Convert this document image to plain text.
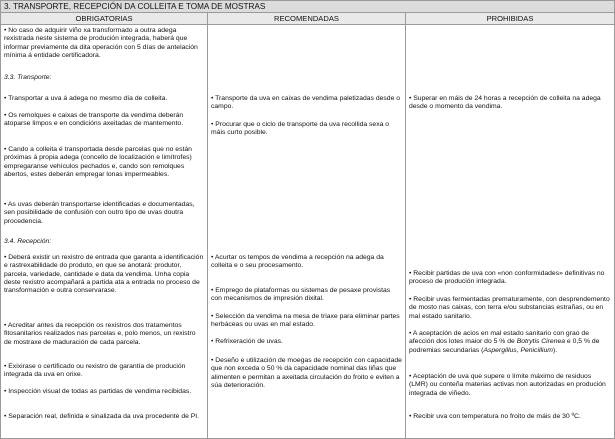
3. TRANSPORTE, RECEPCIÓN DA COLLEITA E TOMA DE MOSTRAS
OBRIGATORIAS	RECOMENDADAS	PROHIBIDAS

• No caso de adquirir viño xa transformado a outra adega rexistrada neste sistema de produción integrada, haberá que informar previamente da dita operación con 5 días de antelación mínima á entidade certificadora.

3.3. Transporte:

• Transportar a uva á adega no mesmo día de colleita.

• Os remolques e caixas de transporte da vendima deberán atoparse limpos e en condicións axeitadas de mantemento.

• Cando a colleita é transportada desde parcelas que no están próximas á propia adega (concello de localización e limítrofes) empregaranse vehículos pechados e, cando son remolques abertos, estes deberán empregar lonas impermeables.

• As uvas deberán transportarse identificadas e documentadas, sen posibilidade de confusión con outro tipo de uvas doutra procedencia.

3.4. Recepción:

• Deberá existir un rexistro de entrada que garanta a identificación e rastrexabilidade do produto, en que se anotará: produtor, parcela, variedade, cantidade e data da vendima. Unha copia deste rexistro acompañará a partida ata a entrada no proceso de transformación e outra conservarase.

• Acreditar antes da recepción os rexistros dos tratamentos fitosanitarios realizados nas parcelas e, polo menos, un rexistro de mostraxe de maduración de cada parcela.

• Exixirase o certificado ou rexistro de garantía de produción integrada da uva en orixe.

• Inspección visual de todas as partidas de vendima recibidas.

• Separación real, definida e sinalizada da uva procedente de PI.

• Transporte da uva en caixas de vendima paletizadas desde o campo.

• Procurar que o ciclo de transporte da uva recollida sexa o máis curto posible.

• Acurtar os tempos de vendima a recepción na adega da colleita e o seu procesamento.

• Emprego de plataformas ou sistemas de pesaxe provistas con mecanismos de impresión dixital.

• Selección da vendima na mesa de triaxe para eliminar partes herbáceas ou uvas en mal estado.

• Refrixeración de uvas.

• Deseño e utilización de moegas de recepción con capacidade que non exceda o 50 % da capacidade nominal das liñas que alimenten e permitan a axeitada circulación do froito e eviten a súa deterioración.

• Superar en máis de 24 horas a recepción de colleita na adega desde o momento da vendima.

• Recibir partidas de uva con «non conformidades» definitivas no proceso de produción integrada.

• Recibir uvas fermentadas prematuramente, con desprendemento de mosto nas caixas, con terra e/ou substancias estrañas, ou en mal estado sanitario.

• A aceptación de acios en mal estado sanitario con grao de afección dos lotes maior do 5 % de Botrytis Cirenea e 0,5 % de podremias secundarias (Aspergillus, Penicillium).

• Aceptación de uva que supere o límite máximo de residuos (LMR) ou conteña materias activas non autorizadas en produción integrada de viñedo.

• Recibir uva con temperatura no froito de máis de 30 ºC.
